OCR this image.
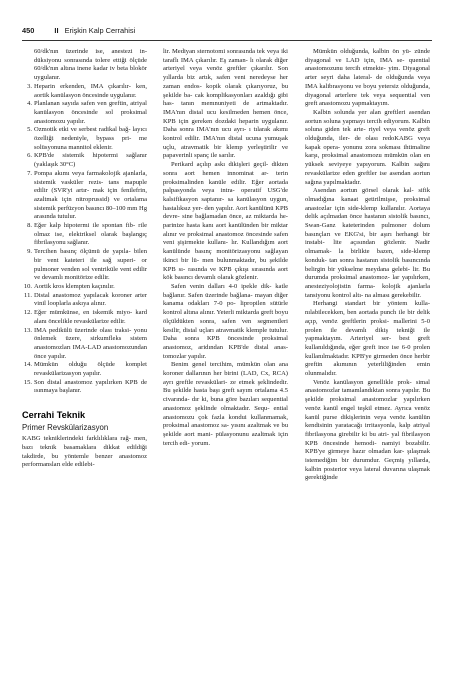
450	II Erişkin Kalp Cerrahisi

60/dk'nın üzerinde ise, anestezi in- düksiyonu sonrasında tolere ettiği ölçüde 60/dk'nın altına inene kadar iv beta blokör uygulanır.

3. Heparin erkenden, IMA çıkarılır- ken, aortik kanülasyon öncesinde uygulanır.
4. Planlanan sayıda safen ven greftin, atriyal kanülasyon öncesinde sol proksimal anastomozu yapılır.
5. Ozmotik etki ve serbest radikal bağ- layıcı özelliği nedeniyle, bypass pri- me solüsyonuna mannitol eklenir.
6. KPB'de sistemik hipotermi sağlanır (yaklaşık 30°C)
7. Pompa akımı veya farmakolojik ajanlarla, sistemik vasküler rezis- tans mapuple edilir (SVR'yi artır- mak için fenilefrin, azaltmak için nitroprussid) ve ortalama sistemik perfüzyon basıncı 80–100 mm Hg arasında tutulur.
8. Eğer kalp hipotermi ile spontan fib- rile olmaz ise, elektriksel olarak başlangıç fibrilasyonu sağlanır.
9. Tercihen basınç ölçümü de yapıla- bilen bir vent kateteri ile sağ superi- or pulmoner venden sol ventriküle vent edilir ve devamlı monitörize edilir.
10. Aortik kros klempten kaçınılır.
11. Distal anastomoz yapılacak koroner arter vinil looplarla askıya alınır.
12. Eğer mümkünse, en iskemik miyo- kard alanı öncelikle revaskülarize edilir.
13. IMA pedikülü üzerinde olası traksi- yonu önlemek üzere, sirkumfleks sistem anastomozları IMA-LAD anastomozundan önce yapılır.
14. Mümkün olduğu ölçüde komplet revaskülarizasyon yapılır.
15. Son distal anastomoz yapılırken KPB de ısınmaya başlanır.
Cerrahi Teknik
Primer Revskülarizasyon

KABG tekniklerindeki farklılıklara rağ- men, bazı teknik basamaklara dikkat edildiği takdirde, bu yöntemle benzer anastomoz performansları elde edilebi-

lir. Mediyan sternotomi sonrasında tek veya iki taraflı IMA çıkarılır. Eş zaman- lı olarak diğer arteriyel veya venöz greftler çıkarılır. Son yıllarda biz artık, safen veni neredeyse her zaman endos- kopik olarak çıkarıyoruz, bu şekilde ba- cak komplikasyonları azaldığı gibi has- tanın memnuniyeti de artmaktadır. IMA'nın distal ucu kesilmeden hemen önce, KPB için gereken dozdaki heparin uygulanır. Daha sonra IMA'nın ucu ayrı- ı tılarak akımı kontrol edilir. IMA'nın distal ucuna yumuşak uçlu, atravmatik bir klemp yerleştirilir ve papaverinli spanç ile sarılır.

Perikard açılıp askı dikişleri geçil- dikten sonra aort hemen innominat ar- terin proksimalinden kanüle edilir. Eğer aortada palpasyonda veya intra- operatif USG'de kalsifikasyon saptanır- sa kanülasyon uygun, hastalıksız yer- den yapılır. Aort kanülünü KPB devre- sine bağlamadan önce, az miktarda he- parinize hasta kanı aort kanülünden bir miktar alınır ve proksimal anastomoz öncesinde safen veni şişirmekte kullanı- lır. Kullandığım aort kanülünde basınç monitörizasyonu sağlayan ikinci bir lü- men bulunmaktadır, bu şekilde KPB sı- rasında ve KPB çıkışı sırasında aort kök basıncı devamlı olarak gözlenir.

Safen venin dalları 4-0 ipekle dik- katle bağlanır. Safen üzerinde bağlana- mayan diğer kanama odakları 7-0 po- lipropilen sütürle kontrol altına alınır. Yeterli miktarda greft boyu ölçüldükten sonra, safen ven segmentleri kesilir, distal uçları atravmatik klemple tutulur. Daha sonra KPB öncesinde proksimal anastomoz, aridından KPB'de distal anas- tomozlar yapılır.

Benim genel tercihim, mümkün olan ana koroner dallarının her birini (LAD, Cx, RCA) ayrı greftle revaskülari- ze etmek şeklindedir. Bu şekilde hasta başı greft sayım ortalama 4.5 civarında- dır ki, buna göre bazıları sequential anastomoz şeklinde olmaktadır. Sequ- ential anastomozu çok fazla kondui kullanmamak, proksimal anastomoz sa- yısını azaltmak ve bu şekilde aort mani- pülasyonunu azaltmak için tercih edi- yorum.

Mümkün olduğunda, kalbin ön yü- zünde diyagonal ve LAD için, IMA se- quential anastomozunu tercih etmekte- yim. Diyagonal arter seyri daha lateral- de olduğunda veya IMA kalibrasyonu ve boyu yetersiz olduğunda, diyagonal arterlere tek veya sequential ven greft anastomozu yapmaktayım.

Kalbin solunda yer alan greftleri asendan aortun soluna yapmayı tercih ediyorum. Kalbin soluna giden tek arte- riyel veya venöz greft olduğunda, iler- de olası redoKABG veya kapak opera- yonunu zora sokması ihtimaline karşı, proksimal anastomozu mümkün olan en yüksek seviyeye yapıyorum. Kalbin sağını revaskülarize eden greftler ise asendan aortun sağına yapılmaktadır.

Asendan aortun görsel olarak kal- sifik olmadığına kanaat getirilmişse, proksimal anastozlar için side-klemp kullanılır. Aortaya delik açılmadan önce hastanın sistolik basıncı, Swan-Ganz kateterinden pulmoner dolum basınçları ve EKG'si, bir aşırı herhangi bir instabi- lite açısından gözlenir. Nadir olmamak- la birlikte bazen, side-klemp konduk- tan sonra hastanın sistolik basıncında belirgin bir yükselme meydana gelebi- lir. Bu durumda proksimal anastomoz- lar yapılırken, anesteziyolojistin farma- kolojik ajanlarla tansiyonu kontrol altı- na alması gerekebilir.

Herhangi standart bir yöntem kulla- nılabilecekken, ben aortada punch ile bir delik açıp, venöz greftlerin proksi- mallerini 5-0 prolen ile devamlı dikiş tekniği ile yapmaktayım. Arteriyel ser- best greft kullanıldığında, eğer greft ince ise 6-0 prolen kullanılmaktadır. KPB'ye girmeden önce herbir greftin akımının yeterliliğinden emin olunmalıdır.

Venöz kanülasyon genellikle prok- simal anastomozlar tamamlandıktan sonra yapılır. Bu şekilde proksimal anastomozlar yapılırken venöz kanül engel teşkil etmez. Ayrıca venöz kanül purse dikişlerinin veya venöz kanülün kendisinin yaratacağı irritasyonla, kalp atriyal fibrilasyona girebilir ki bu atri- yal fibrilasyon KPB öncesinde hemodi- namiyi bozabilir. KPB'ye girmeye hazır olmadan kar- şılaşmak istemediğim bir durumdur. Geçmiş yıllarda, kalbin posterior veya lateral duvarına ulaşmak gerektiğinde
